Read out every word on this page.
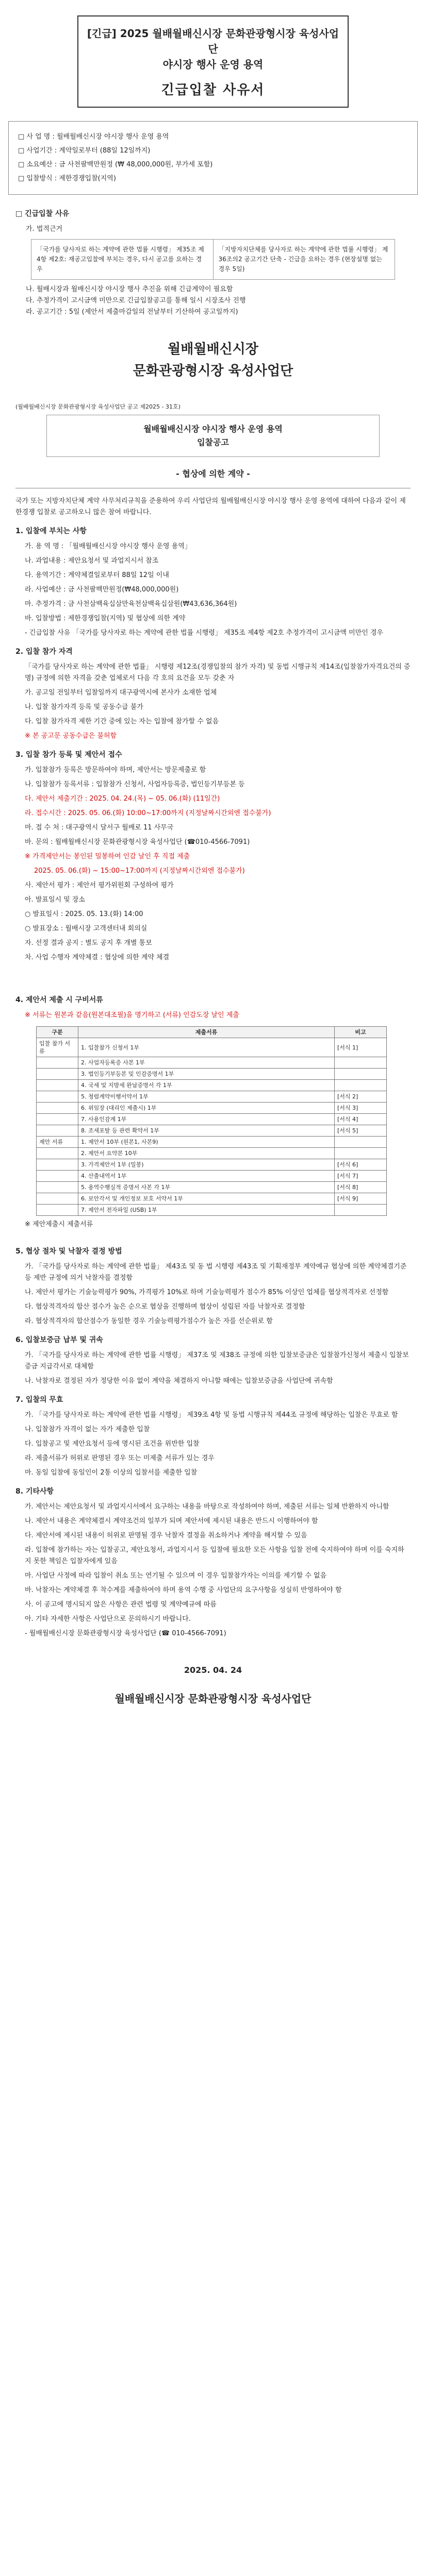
[긴급] 2025 월배월배신시장 문화관광형시장 육성사업단
야시장 행사 운영 용역
긴급입찰 사유서

□ 사 업 명 : 월배월배신시장 야시장 행사 운영 용역

□ 사업기간 : 계약일로부터 (88일 12일까지)

□ 소요예산 : 금 사천팔백만원정 (₩ 48,000,000원, 부가세 포함)

□ 입찰방식 : 제한경쟁입찰(지역)

□ 긴급입찰 사유
가. 법적근거
「국가를 당사자로 하는 계약에 관한 법률 시행령」 제35조 제4항 제2호: 재공고입찰에 부치는 경우, 다시 공고를 요하는 경우
「지방자치단체를 당사자로 하는 계약에 관한 법률 시행령」 제36조의2 공고기간 단축 - 긴급을 요하는 경우 (현장설명 없는 경우 5일)
나. 월배시장과 월배신시장 야시장 행사 추진을 위해 긴급계약이 필요함
다. 추정가격이 고시금액 미만으로 긴급입찰공고를 통해 일시 시장조사 진행
라. 공고기간 : 5일 (제안서 제출마감일의 전날부터 기산하여 공고일까지)
월배월배신시장
문화관광형시장 육성사업단
(월배월배신시장 문화관광형시장 육성사업단 공고 제2025 - 31호)
월배월배신시장 야시장 행사 운영 용역
입찰공고
- 협상에 의한 계약 -
국가 또는 지방자치단체 계약 사무처리규칙을 준용하여 우리 사업단의 월배월배신시장 야시장 행사 운영 용역에 대하여 다음과 같이 제한경쟁 입찰로 공고하오니 많은 참여 바랍니다.
1. 입찰에 부치는 사항
가. 용 역 명 : 「월배월배신시장 야시장 행사 운영 용역」
나. 과업내용 : 제안요청서 및 과업지시서 참조
다. 용역기간 : 계약체결일로부터 88일 12일 이내
라. 사업예산 : 금 사천팔백만원정(₩48,000,000원)
마. 추정가격 : 금 사천삼백육십삼만육천삼백육십삼원(₩43,636,364원)
바. 입찰방법 : 제한경쟁입찰(지역) 및 협상에 의한 계약
- 긴급입찰 사유 「국가를 당사자로 하는 계약에 관한 법률 시행령」 제35조 제4항 제2호 추정가격이 고시금액 미만인 경우
2. 입찰 참가 자격
「국가를 당사자로 하는 계약에 관한 법률」 시행령 제12조(경쟁입찰의 참가 자격) 및 동법 시행규칙 제14조(입찰참가자격요건의 증명) 규정에 의한 자격을 갖춘 업체로서 다음 각 호의 요건을 모두 갖춘 자
가. 공고일 전일부터 입찰일까지 대구광역시에 본사가 소재한 업체
나. 입찰 참가자격 등록 및 공동수급 불가
다. 입찰 참가자격 제한 기간 중에 있는 자는 입찰에 참가할 수 없음
※ 본 공고문 공동수급은 불허함
3. 입찰 참가 등록 및 제안서 접수
가. 입찰참가 등록은 방문하여야 하며, 제안서는 방문제출로 함
나. 입찰참가 등록서류 : 입찰참가 신청서, 사업자등록증, 법인등기부등본 등
다. 제안서 제출기간 : 2025. 04. 24.(목) ~ 05. 06.(화) (11일간)
라. 접수시간 : 2025. 05. 06.(화) 10:00~17:00까지 (지정날짜시간외엔 접수불가)
마. 접 수 처 : 대구광역시 달서구 월배로 11 사무국
바. 문의 : 월배월배신시장 문화관광형시장 육성사업단 (☎010-4566-7091)
※ 가격제안서는 봉인된 밀봉하여 인감 날인 후 직접 제출
2025. 05. 06.(화) ~ 15:00~17:00까지 (지정날짜시간외엔 접수불가)
사. 제안서 평가 : 제안서 평가위원회 구성하여 평가
아. 발표일시 및 장소
○ 발표일시 : 2025. 05. 13.(화) 14:00
○ 발표장소 : 월배시장 고객센터내 회의실
자. 선정 결과 공지 : 별도 공지 후 개별 통보
차. 사업 수행자 계약체결 : 협상에 의한 계약 체결
4. 제안서 제출 시 구비서류
※ 서류는 원본과 같음(원본대조필)을 명기하고 (서류) 인감도장 날인 제출
구분	제출서류	비고
입찰 참가 서류	1. 입찰참가 신청서 1부	[서식 1]
	2. 사업자등록증 사본 1부	
	3. 법인등기부등본 및 인감증명서 1부	
	4. 국세 및 지방세 완납증명서 각 1부	
	5. 청렴계약이행서약서 1부	[서식 2]
	6. 위임장 (대리인 제출시) 1부	[서식 3]
	7. 사용인감계 1부	[서식 4]
	8. 조세포탈 등 관련 확약서 1부	[서식 5]
제안 서류	1. 제안서 10부 (원본1, 사본9)	
	2. 제안서 요약본 10부	
	3. 가격제안서 1부 (밀봉)	[서식 6]
	4. 산출내역서 1부	[서식 7]
	5. 용역수행실적 증명서 사본 각 1부	[서식 8]
	6. 보안각서 및 개인정보 보호 서약서 1부	[서식 9]
	7. 제안서 전자파일 (USB) 1부	
※ 제안제출시 제출서류
5. 협상 절차 및 낙찰자 결정 방법
가. 「국가를 당사자로 하는 계약에 관한 법률」 제43조 및 동 법 시행령 제43조 및 기획재정부 계약예규 협상에 의한 계약체결기준 등 제반 규정에 의거 낙찰자를 결정함
나. 제안서 평가는 기술능력평가 90%, 가격평가 10%로 하며 기술능력평가 점수가 85% 이상인 업체를 협상적격자로 선정함
다. 협상적격자의 합산 점수가 높은 순으로 협상을 진행하며 협상이 성립된 자를 낙찰자로 결정함
라. 협상적격자의 합산점수가 동일한 경우 기술능력평가점수가 높은 자를 선순위로 함
6. 입찰보증금 납부 및 귀속
가. 「국가를 당사자로 하는 계약에 관한 법률 시행령」 제37조 및 제38조 규정에 의한 입찰보증금은 입찰참가신청서 제출시 입찰보증금 지급각서로 대체함
나. 낙찰자로 결정된 자가 정당한 이유 없이 계약을 체결하지 아니할 때에는 입찰보증금을 사업단에 귀속함
7. 입찰의 무효
가. 「국가를 당사자로 하는 계약에 관한 법률 시행령」 제39조 4항 및 동법 시행규칙 제44조 규정에 해당하는 입찰은 무효로 함
나. 입찰참가 자격이 없는 자가 제출한 입찰
다. 입찰공고 및 제안요청서 등에 명시된 조건을 위반한 입찰
라. 제출서류가 허위로 판명된 경우 또는 미제출 서류가 있는 경우
마. 동일 입찰에 동일인이 2통 이상의 입찰서를 제출한 입찰
8. 기타사항
가. 제안서는 제안요청서 및 과업지시서에서 요구하는 내용을 바탕으로 작성하여야 하며, 제출된 서류는 일체 반환하지 아니함
나. 제안서 내용은 계약체결시 계약조건의 일부가 되며 제안서에 제시된 내용은 반드시 이행하여야 함
다. 제안서에 제시된 내용이 허위로 판명될 경우 낙찰자 결정을 취소하거나 계약을 해지할 수 있음
라. 입찰에 참가하는 자는 입찰공고, 제안요청서, 과업지시서 등 입찰에 필요한 모든 사항을 입찰 전에 숙지하여야 하며 이를 숙지하지 못한 책임은 입찰자에게 있음
마. 사업단 사정에 따라 입찰이 취소 또는 연기될 수 있으며 이 경우 입찰참가자는 이의를 제기할 수 없음
바. 낙찰자는 계약체결 후 착수계를 제출하여야 하며 용역 수행 중 사업단의 요구사항을 성실히 반영하여야 함
사. 이 공고에 명시되지 않은 사항은 관련 법령 및 계약예규에 따름
아. 기타 자세한 사항은 사업단으로 문의하시기 바랍니다.
- 월배월배신시장 문화관광형시장 육성사업단 (☎ 010-4566-7091)
2025. 04. 24
월배월배신시장 문화관광형시장 육성사업단
